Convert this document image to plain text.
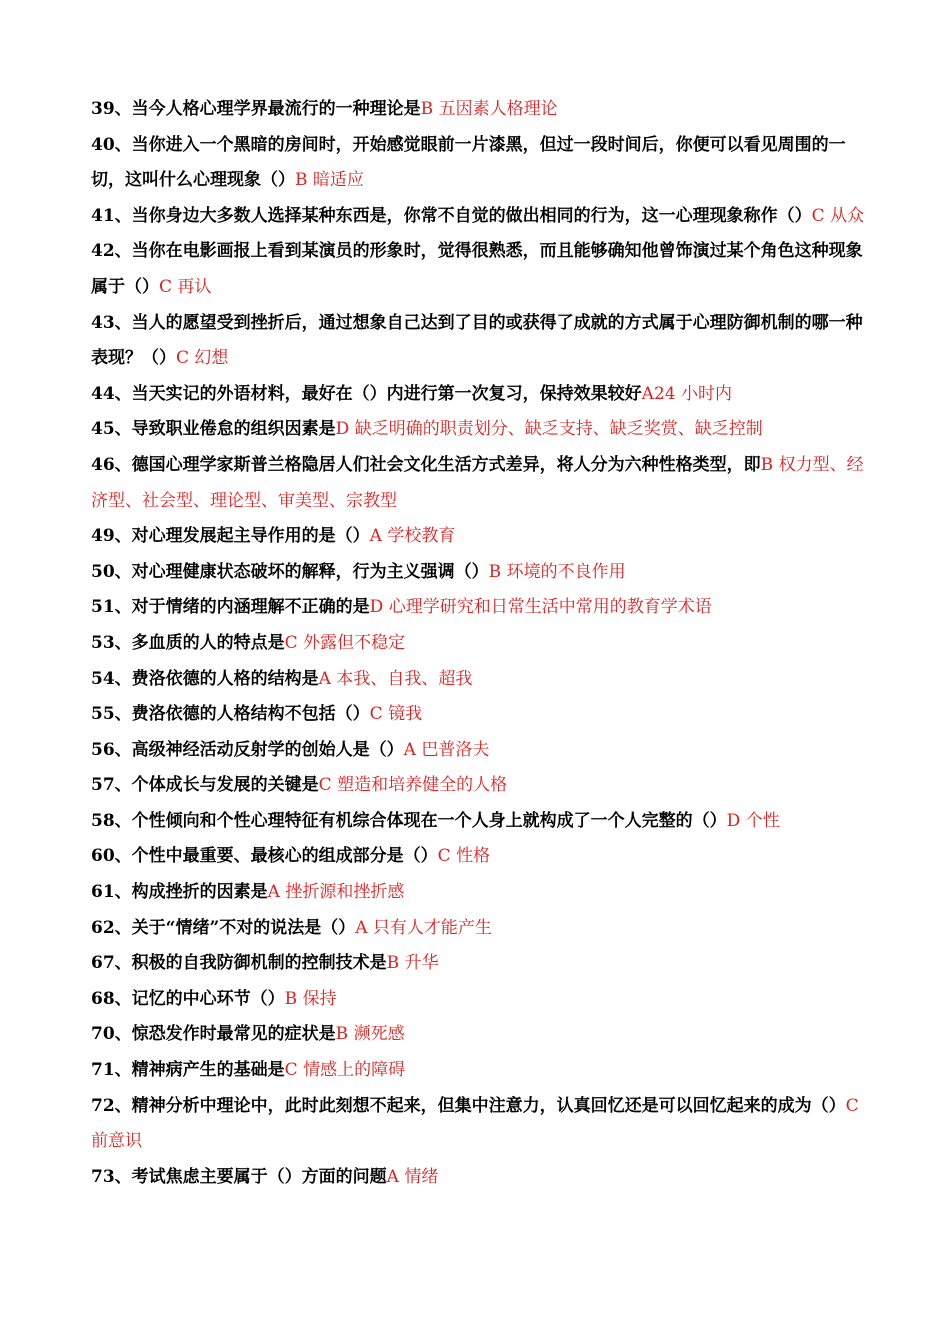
39、当今人格心理学界最流行的一种理论是B 五因素人格理论

40、当你进入一个黑暗的房间时，开始感觉眼前一片漆黑，但过一段时间后，你便可以看见周围的一切，这叫什么心理现象（）B 暗适应

41、当你身边大多数人选择某种东西是，你常不自觉的做出相同的行为，这一心理现象称作（）C 从众

42、当你在电影画报上看到某演员的形象时，觉得很熟悉，而且能够确知他曾饰演过某个角色这种现象属于（）C 再认

43、当人的愿望受到挫折后，通过想象自己达到了目的或获得了成就的方式属于心理防御机制的哪一种表现？（）C 幻想

44、当天实记的外语材料，最好在（）内进行第一次复习，保持效果较好A24 小时内

45、导致职业倦怠的组织因素是D 缺乏明确的职责划分、缺乏支持、缺乏奖赏、缺乏控制

46、德国心理学家斯普兰格隐居人们社会文化生活方式差异，将人分为六种性格类型，即B 权力型、经济型、社会型、理论型、审美型、宗教型

49、对心理发展起主导作用的是（）A 学校教育

50、对心理健康状态破坏的解释，行为主义强调（）B 环境的不良作用

51、对于情绪的内涵理解不正确的是D 心理学研究和日常生活中常用的教育学术语

53、多血质的人的特点是C 外露但不稳定

54、费洛依德的人格的结构是A 本我、自我、超我

55、费洛依德的人格结构不包括（）C 镜我

56、高级神经活动反射学的创始人是（）A 巴普洛夫

57、个体成长与发展的关键是C 塑造和培养健全的人格

58、个性倾向和个性心理特征有机综合体现在一个人身上就构成了一个人完整的（）D 个性

60、个性中最重要、最核心的组成部分是（）C 性格

61、构成挫折的因素是A 挫折源和挫折感

62、关于“情绪”不对的说法是（）A 只有人才能产生

67、积极的自我防御机制的控制技术是B 升华

68、记忆的中心环节（）B 保持

70、惊恐发作时最常见的症状是B 濒死感

71、精神病产生的基础是C 情感上的障碍

72、精神分析中理论中，此时此刻想不起来，但集中注意力，认真回忆还是可以回忆起来的成为（）C 前意识

73、考试焦虑主要属于（）方面的问题A 情绪
